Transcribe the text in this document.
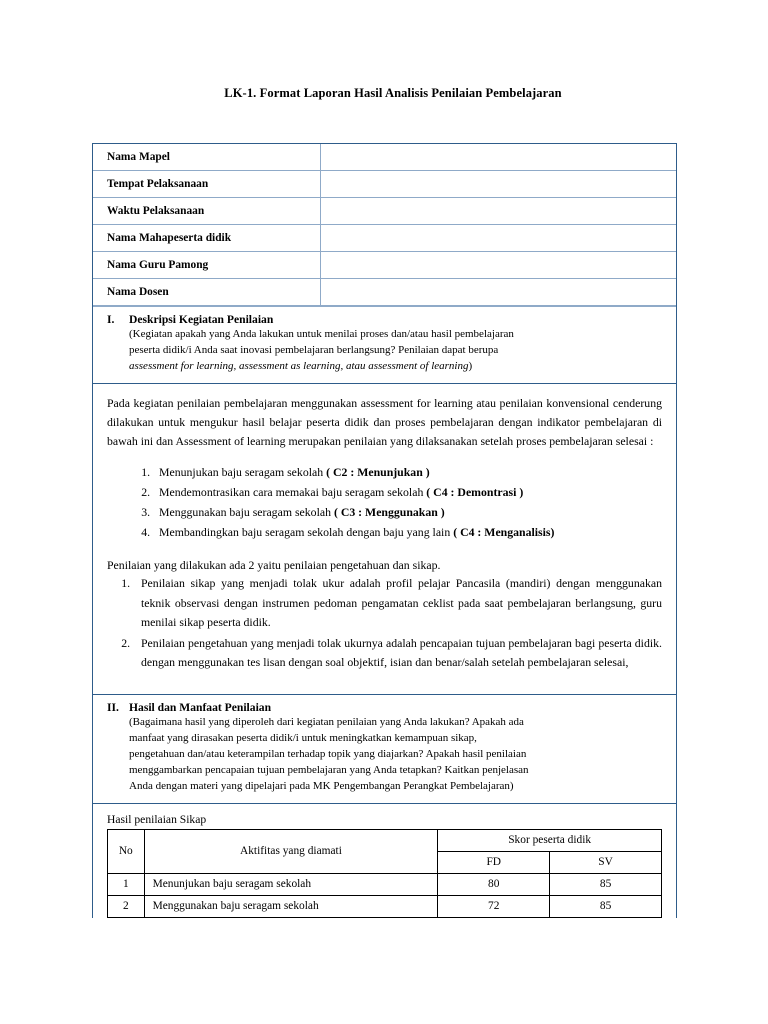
LK-1. Format Laporan Hasil Analisis Penilaian Pembelajaran
Nama Mapel	
Tempat Pelaksanaan	
Waktu Pelaksanaan	
Nama Mahapeserta didik	
Nama Guru Pamong	
Nama Dosen	
I.	Deskripsi Kegiatan Penilaian
(Kegiatan apakah yang Anda lakukan untuk menilai proses dan/atau hasil pembelajaran
peserta didik/i Anda saat inovasi pembelajaran berlangsung? Penilaian dapat berupa
assessment for learning, assessment as learning, atau assessment of learning)

Pada kegiatan penilaian pembelajaran menggunakan assessment for learning atau penilaian konvensional cenderung dilakukan untuk mengukur hasil belajar peserta didik dan proses pembelajaran dengan indikator pembelajaran di bawah ini dan Assessment of learning merupakan penilaian yang dilaksanakan setelah proses pembelajaran selesai :

1. Menunjukan baju seragam sekolah ( C2 : Menunjukan )
2. Mendemontrasikan cara memakai baju seragam sekolah ( C4 : Demontrasi )
3. Menggunakan baju seragam sekolah ( C3 : Menggunakan )
4. Membandingkan baju seragam sekolah dengan baju yang lain ( C4 : Menganalisis)

Penilaian yang dilakukan ada 2 yaitu penilaian pengetahuan dan sikap.

1. Penilaian sikap yang menjadi tolak ukur adalah profil pelajar Pancasila (mandiri) dengan menggunakan teknik observasi dengan instrumen pedoman pengamatan ceklist pada saat pembelajaran berlangsung, guru menilai sikap peserta didik.
2. Penilaian pengetahuan yang menjadi tolak ukurnya adalah pencapaian tujuan pembelajaran bagi peserta didik. dengan menggunakan tes lisan dengan soal objektif, isian dan benar/salah setelah pembelajaran selesai,
II. Hasil dan Manfaat Penilaian
(Bagaimana hasil yang diperoleh dari kegiatan penilaian yang Anda lakukan? Apakah ada
manfaat yang dirasakan peserta didik/i untuk meningkatkan kemampuan sikap,
pengetahuan dan/atau keterampilan terhadap topik yang diajarkan? Apakah hasil penilaian
menggambarkan pencapaian tujuan pembelajaran yang Anda tetapkan? Kaitkan penjelasan
Anda dengan materi yang dipelajari pada MK Pengembangan Perangkat Pembelajaran)
Hasil penilaian Sikap
No	Aktifitas yang diamati	Skor peserta didik	
		FD	SV
1	Menunjukan baju seragam sekolah	80	85
2	Menggunakan baju seragam sekolah	72	85
